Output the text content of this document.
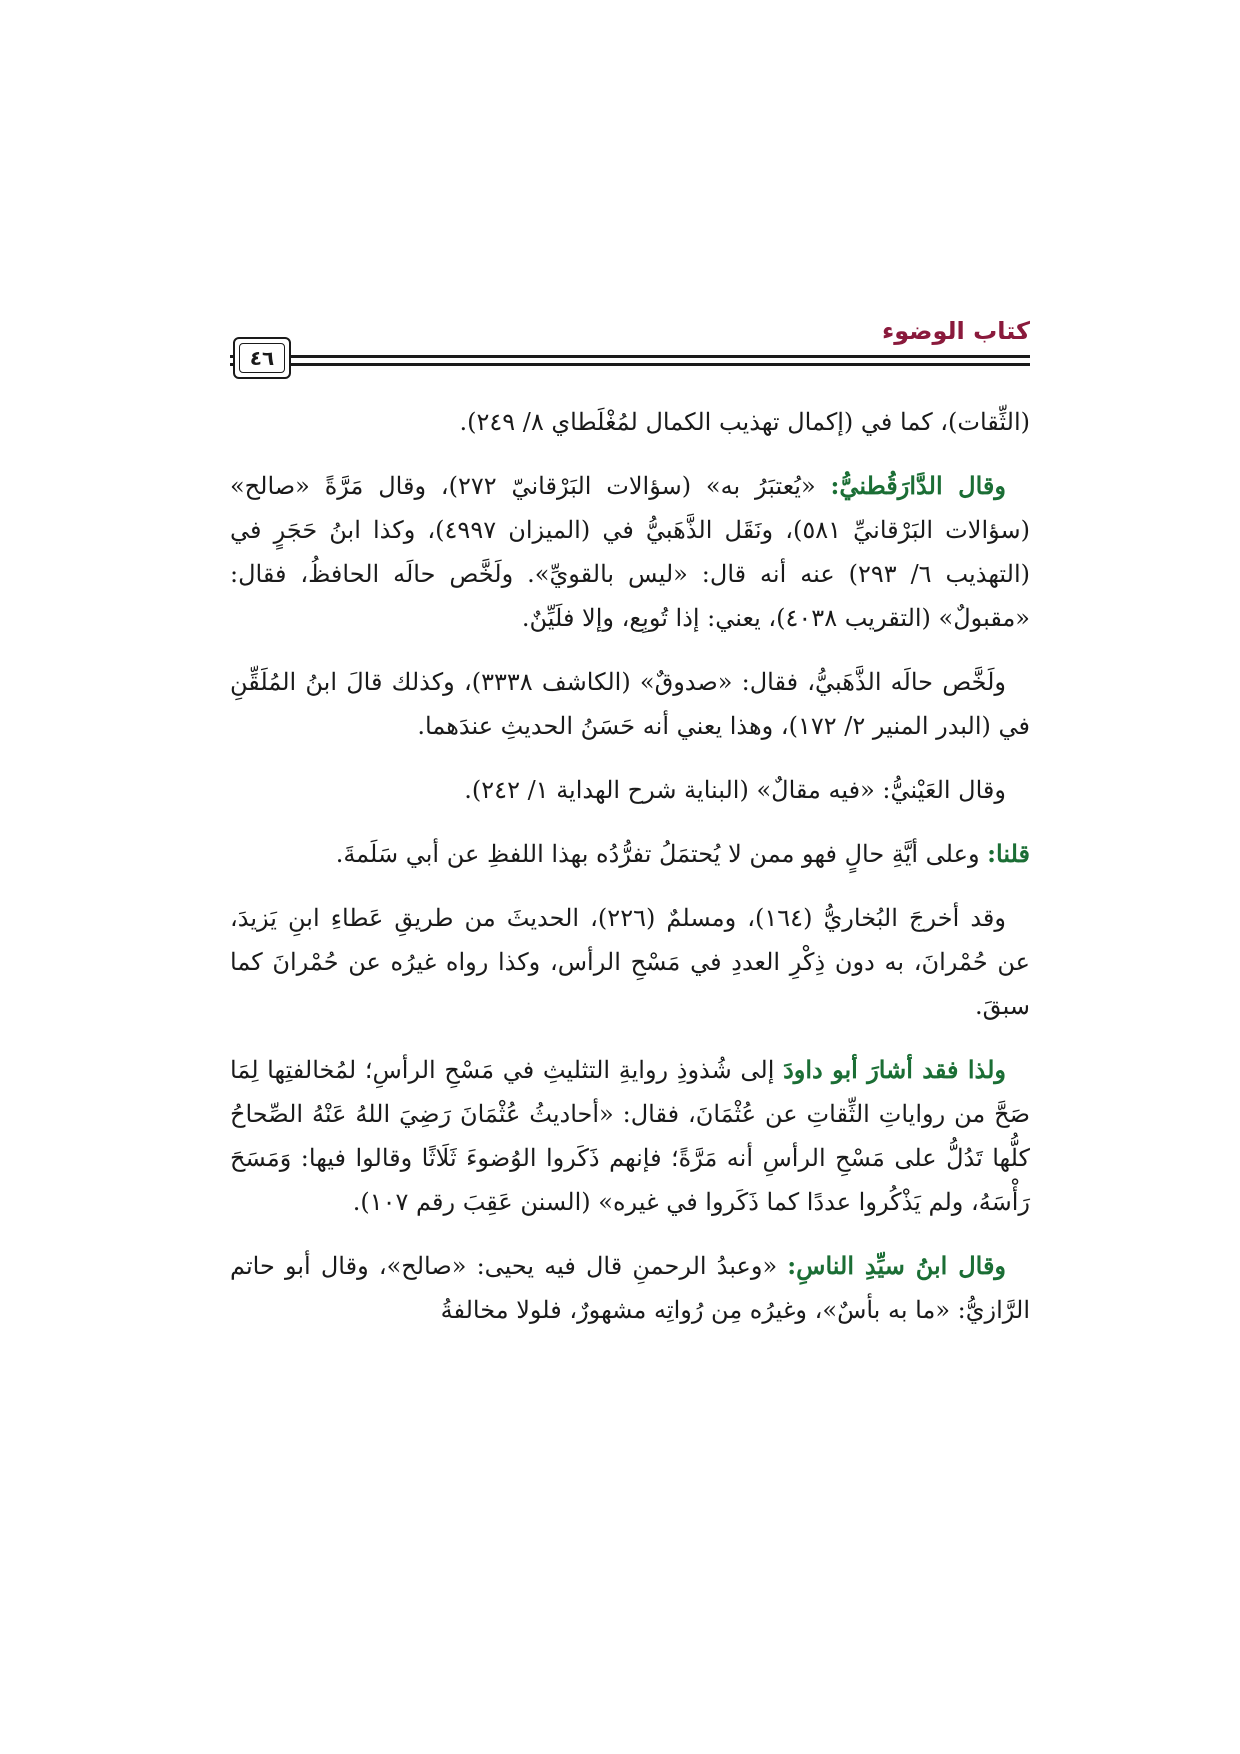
كتاب الوضوء
٤٦

(الثِّقات)، كما في (إكمال تهذيب الكمال لمُغْلَطاي ٨/ ٢٤٩).

وقال الدَّارَقُطنيُّ: «يُعتبَرُ به» (سؤالات البَرْقانيّ ٢٧٢)، وقال مَرَّةً «صالح» (سؤالات البَرْقانيِّ ٥٨١)، ونَقَل الذَّهَبيُّ في (الميزان ٤٩٩٧)، وكذا ابنُ حَجَرٍ في (التهذيب ٦/ ٢٩٣) عنه أنه قال: «ليس بالقويِّ». ولَخَّص حالَه الحافظُ، فقال: «مقبولٌ» (التقريب ٤٠٣٨)، يعني: إذا تُوبِع، وإلا فلَيِّنٌ.

ولَخَّص حالَه الذَّهَبيُّ، فقال: «صدوقٌ» (الكاشف ٣٣٣٨)، وكذلك قالَ ابنُ المُلَقِّنِ في (البدر المنير ٢/ ١٧٢)، وهذا يعني أنه حَسَنُ الحديثِ عندَهما.

وقال العَيْنيُّ: «فيه مقالٌ» (البناية شرح الهداية ١/ ٢٤٢).

قلنا: وعلى أيَّةِ حالٍ فهو ممن لا يُحتمَلُ تفرُّدُه بهذا اللفظِ عن أبي سَلَمةَ.

وقد أخرجَ البُخاريُّ (١٦٤)، ومسلمٌ (٢٢٦)، الحديثَ من طريقِ عَطاءِ ابنِ يَزيدَ، عن حُمْرانَ، به دون ذِكْرِ العددِ في مَسْحِ الرأس، وكذا رواه غيرُه عن حُمْرانَ كما سبقَ.

ولذا فقد أشارَ أبو داودَ إلى شُذوذِ روايةِ التثليثِ في مَسْحِ الرأسِ؛ لمُخالفتِها لِمَا صَحَّ من رواياتِ الثِّقاتِ عن عُثْمَانَ، فقال: «أحاديثُ عُثْمَانَ رَضِيَ اللهُ عَنْهُ الصِّحاحُ كلُّها تَدُلُّ على مَسْحِ الرأسِ أنه مَرَّةً؛ فإنهم ذَكَروا الوُضوءَ ثَلَاثًا وقالوا فيها: وَمَسَحَ رَأْسَهُ، ولم يَذْكُروا عددًا كما ذَكَروا في غيره» (السنن عَقِبَ رقم ١٠٧).

وقال ابنُ سيِّدِ الناسِ: «وعبدُ الرحمنِ قال فيه يحيى: «صالح»، وقال أبو حاتم الرَّازيُّ: «ما به بأسٌ»، وغيرُه مِن رُواتِه مشهورٌ، فلولا مخالفةُ
